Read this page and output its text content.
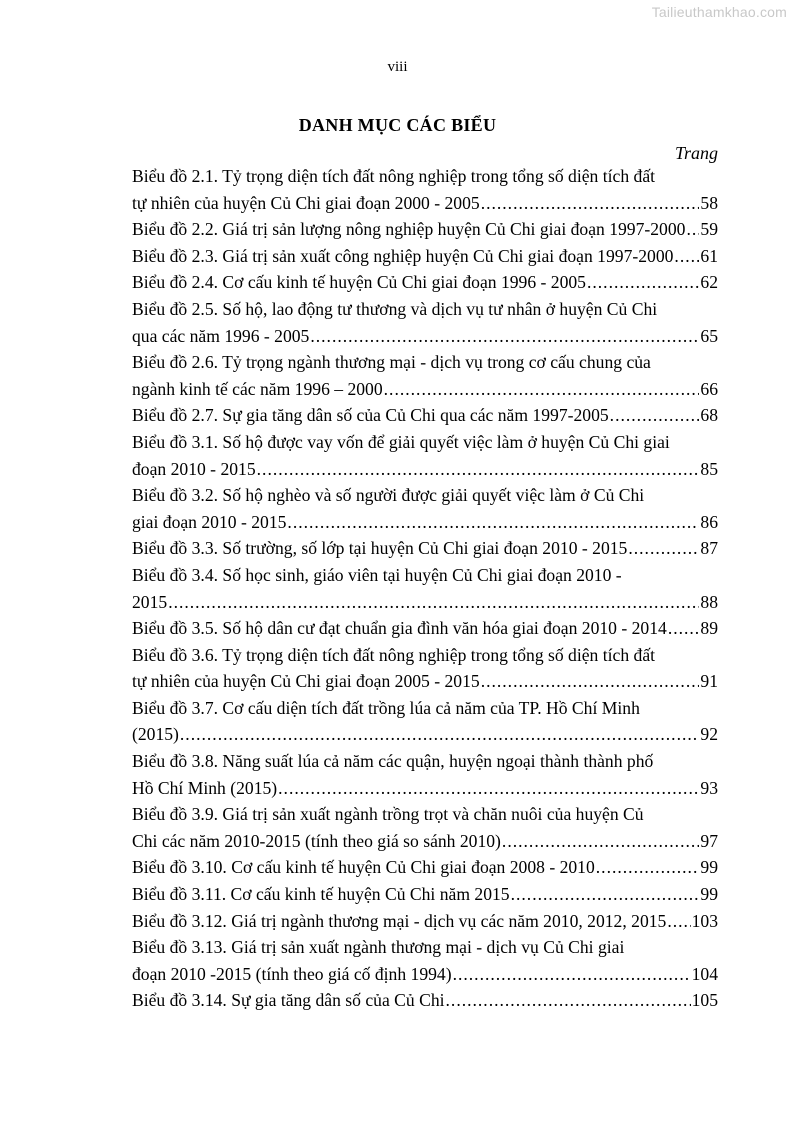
Tailieuthamkhao.com
viii
DANH MỤC CÁC BIỂU
Trang
Biểu đồ 2.1. Tỷ trọng diện tích đất nông nghiệp trong tổng số diện tích đất
tự nhiên của huyện Củ Chi giai đoạn 2000 - 2005 .....	58
Biểu đồ 2.2. Giá trị sản lượng nông nghiệp huyện Củ Chi giai đoạn 1997-2000 ..... 59
Biểu đồ 2.3. Giá trị sản xuất công nghiệp huyện Củ Chi giai đoạn 1997-2000 ..... 61
Biểu đồ 2.4. Cơ cấu kinh tế huyện Củ Chi giai đoạn 1996 - 2005 .....	62
Biểu đồ 2.5. Số hộ, lao động tư thương và dịch vụ tư nhân ở huyện Củ Chi
qua các năm 1996 - 2005 .....	65
Biểu đồ 2.6. Tỷ trọng ngành thương mại - dịch vụ trong cơ cấu chung của
ngành kinh tế các năm 1996 – 2000 .....	66
Biểu đồ 2.7. Sự gia tăng dân số của Củ Chi qua các năm 1997-2005 .....	68
Biểu đồ 3.1. Số hộ được vay vốn để giải quyết việc làm ở huyện Củ Chi giai
đoạn 2010 - 2015 .....	85
Biểu đồ 3.2. Số hộ nghèo và số người được giải quyết việc làm ở Củ Chi
giai đoạn 2010 - 2015 .....	86
Biểu đồ 3.3. Số trường, số lớp tại huyện Củ Chi giai đoạn 2010 - 2015 .....	87
Biểu đồ 3.4. Số học sinh, giáo viên tại huyện Củ Chi giai đoạn 2010 -
2015 .....	88
Biểu đồ 3.5. Số hộ dân cư đạt chuẩn gia đình văn hóa giai đoạn 2010 - 2014 ..... 89
Biểu đồ 3.6. Tỷ trọng diện tích đất nông nghiệp trong tổng số diện tích đất
tự nhiên của huyện Củ Chi giai đoạn 2005 - 2015 .....	91
Biểu đồ 3.7. Cơ cấu diện tích đất trồng lúa cả năm của TP. Hồ Chí Minh
(2015) .....	92
Biểu đồ 3.8. Năng suất lúa cả năm các quận, huyện ngoại thành thành phố
Hồ Chí Minh (2015) .....	93
Biểu đồ 3.9. Giá trị sản xuất ngành trồng trọt và chăn nuôi của huyện Củ
Chi các năm 2010-2015 (tính theo giá so sánh 2010) .....	97
Biểu đồ 3.10. Cơ cấu kinh tế huyện Củ Chi giai đoạn 2008 - 2010 .....	99
Biểu đồ 3.11. Cơ cấu kinh tế huyện Củ Chi năm 2015 .....	99
Biểu đồ 3.12. Giá trị ngành thương mại - dịch vụ các năm 2010, 2012, 2015 ..... 103
Biểu đồ 3.13. Giá trị sản xuất ngành thương mại - dịch vụ Củ Chi giai
đoạn 2010 -2015 (tính theo giá cố định 1994) .....	104
Biểu đồ 3.14. Sự gia tăng dân số của Củ Chi .....	105
